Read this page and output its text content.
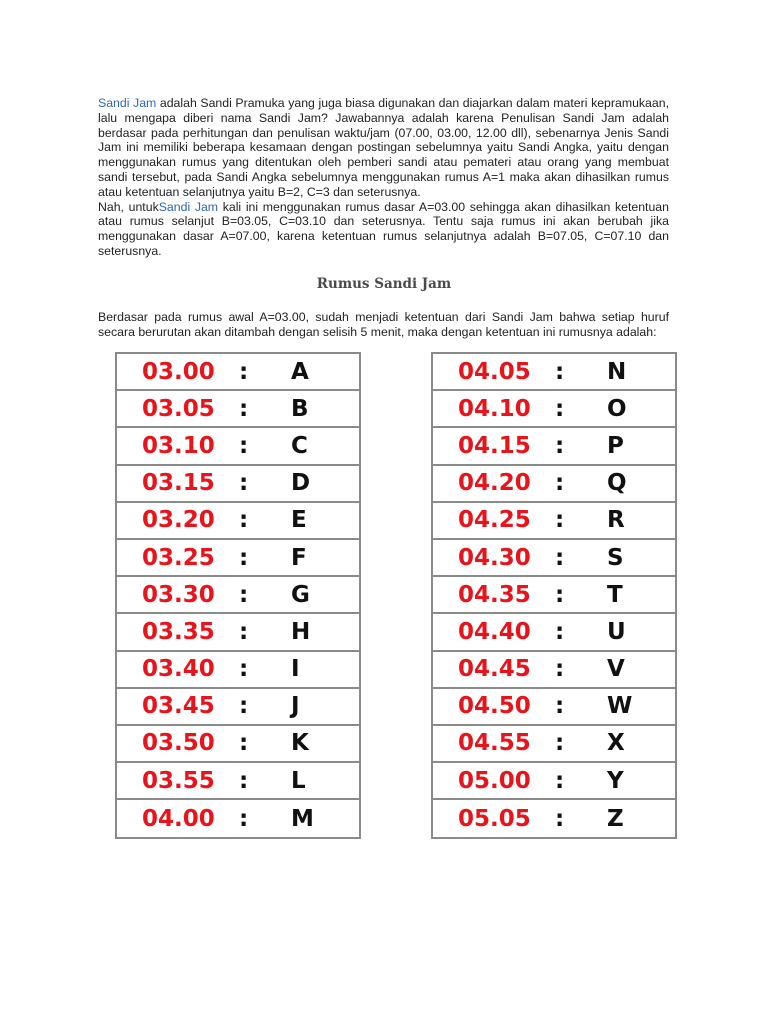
Sandi Jam adalah Sandi Pramuka yang juga biasa digunakan dan diajarkan dalam materi kepramukaan, lalu mengapa diberi nama Sandi Jam? Jawabannya adalah karena Penulisan Sandi Jam adalah berdasar pada perhitungan dan penulisan waktu/jam (07.00, 03.00, 12.00 dll), sebenarnya Jenis Sandi Jam ini memiliki beberapa kesamaan dengan postingan sebelumnya yaitu Sandi Angka, yaitu dengan menggunakan rumus yang ditentukan oleh pemberi sandi atau pemateri atau orang yang membuat sandi tersebut, pada Sandi Angka sebelumnya menggunakan rumus A=1 maka akan dihasilkan rumus atau ketentuan selanjutnya yaitu B=2, C=3 dan seterusnya.

Nah, untukSandi Jam kali ini menggunakan rumus dasar A=03.00 sehingga akan dihasilkan ketentuan atau rumus selanjut B=03.05, C=03.10 dan seterusnya. Tentu saja rumus ini akan berubah jika menggunakan dasar A=07.00, karena ketentuan rumus selanjutnya adalah B=07.05, C=07.10 dan seterusnya.

Rumus Sandi Jam
Berdasar pada rumus awal A=03.00, sudah menjadi ketentuan dari Sandi Jam bahwa setiap huruf secara berurutan akan ditambah dengan selisih 5 menit, maka dengan ketentuan ini rumusnya adalah:
03.00	:	A
03.05	:	B
03.10	:	C
03.15	:	D
03.20	:	E
03.25	:	F
03.30	:	G
03.35	:	H
03.40	:	I
03.45	:	J
03.50	:	K
03.55	:	L
04.00	:	M
04.05	:	N
04.10	:	O
04.15	:	P
04.20	:	Q
04.25	:	R
04.30	:	S
04.35	:	T
04.40	:	U
04.45	:	V
04.50	:	W
04.55	:	X
05.00	:	Y
05.05	:	Z
